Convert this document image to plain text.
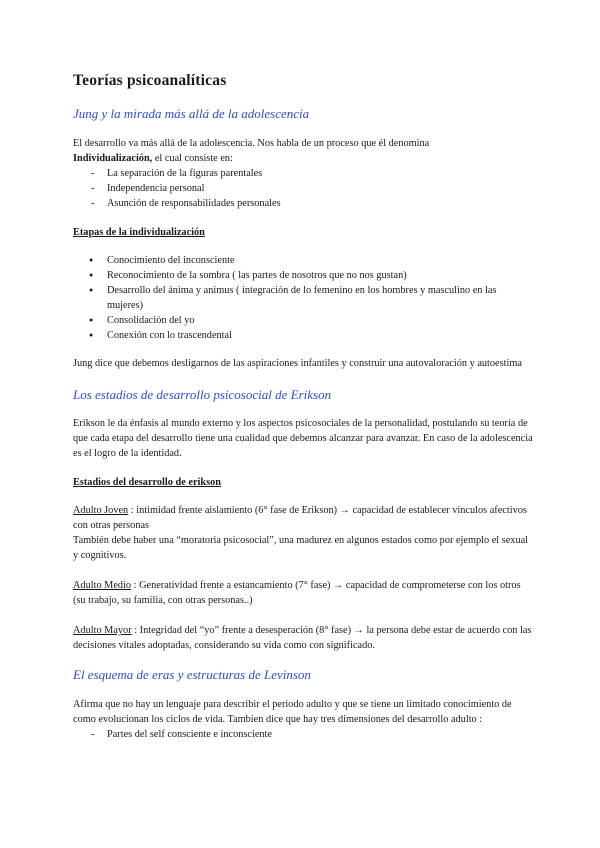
Teorías psicoanalíticas
Jung y la mirada más allá de la adolescencia

El desarrollo va más allá de la adolescencia. Nos habla de un proceso que él denomina
Individualización, el cual consiste en:

- La separación de la figuras parentales
- Independencia personal
- Asunción de responsabilidades personales

Etapas de la individualización

● Conocimiento del inconsciente
● Reconocimiento de la sombra ( las partes de nosotros que no nos gustan)
● Desarrollo del ánima y animus ( integración de lo femenino en los hombres y masculino en las mujeres)
● Consolidación del yo
● Conexión con lo trascendental

Jung dice que debemos desligarnos de las aspiraciones infantiles y construir una autovaloración y autoestima

Los estadios de desarrollo psicosocial de Erikson

Erikson le da énfasis al mundo externo y los aspectos psicosociales de la personalidad, postulando su teoría de que cada etapa del desarrollo tiene una cualidad que debemos alcanzar para avanzar. En caso de la adolescencia es el logro de la identidad.

Estadios del desarrollo de erikson

Adulto Joven : intimidad frente aislamiento (6° fase de Erikson) → capacidad de establecer vínculos afectivos con otras personas
También debe haber una “moratoria psicosocial”, una madurez en algunos estados como por ejemplo el sexual y cognitivos.

Adulto Medio : Generatividad frente a estancamiento (7° fase) → capacidad de comprometerse con los otros (su trabajo, su familia, con otras personas..)

Adulto Mayor : Integridad del “yo” frente a desesperación (8° fase) → la persona debe estar de acuerdo con las decisiones vitales adoptadas, considerando su vida como con significado.

El esquema de eras y estructuras de Levinson

Afirma que no hay un lenguaje para describir el periodo adulto y que se tiene un limitado conocimiento de como evolucionan los ciclos de vida. Tambien dice que hay tres dimensiones del desarrollo adulto :

- Partes del self consciente e inconsciente
